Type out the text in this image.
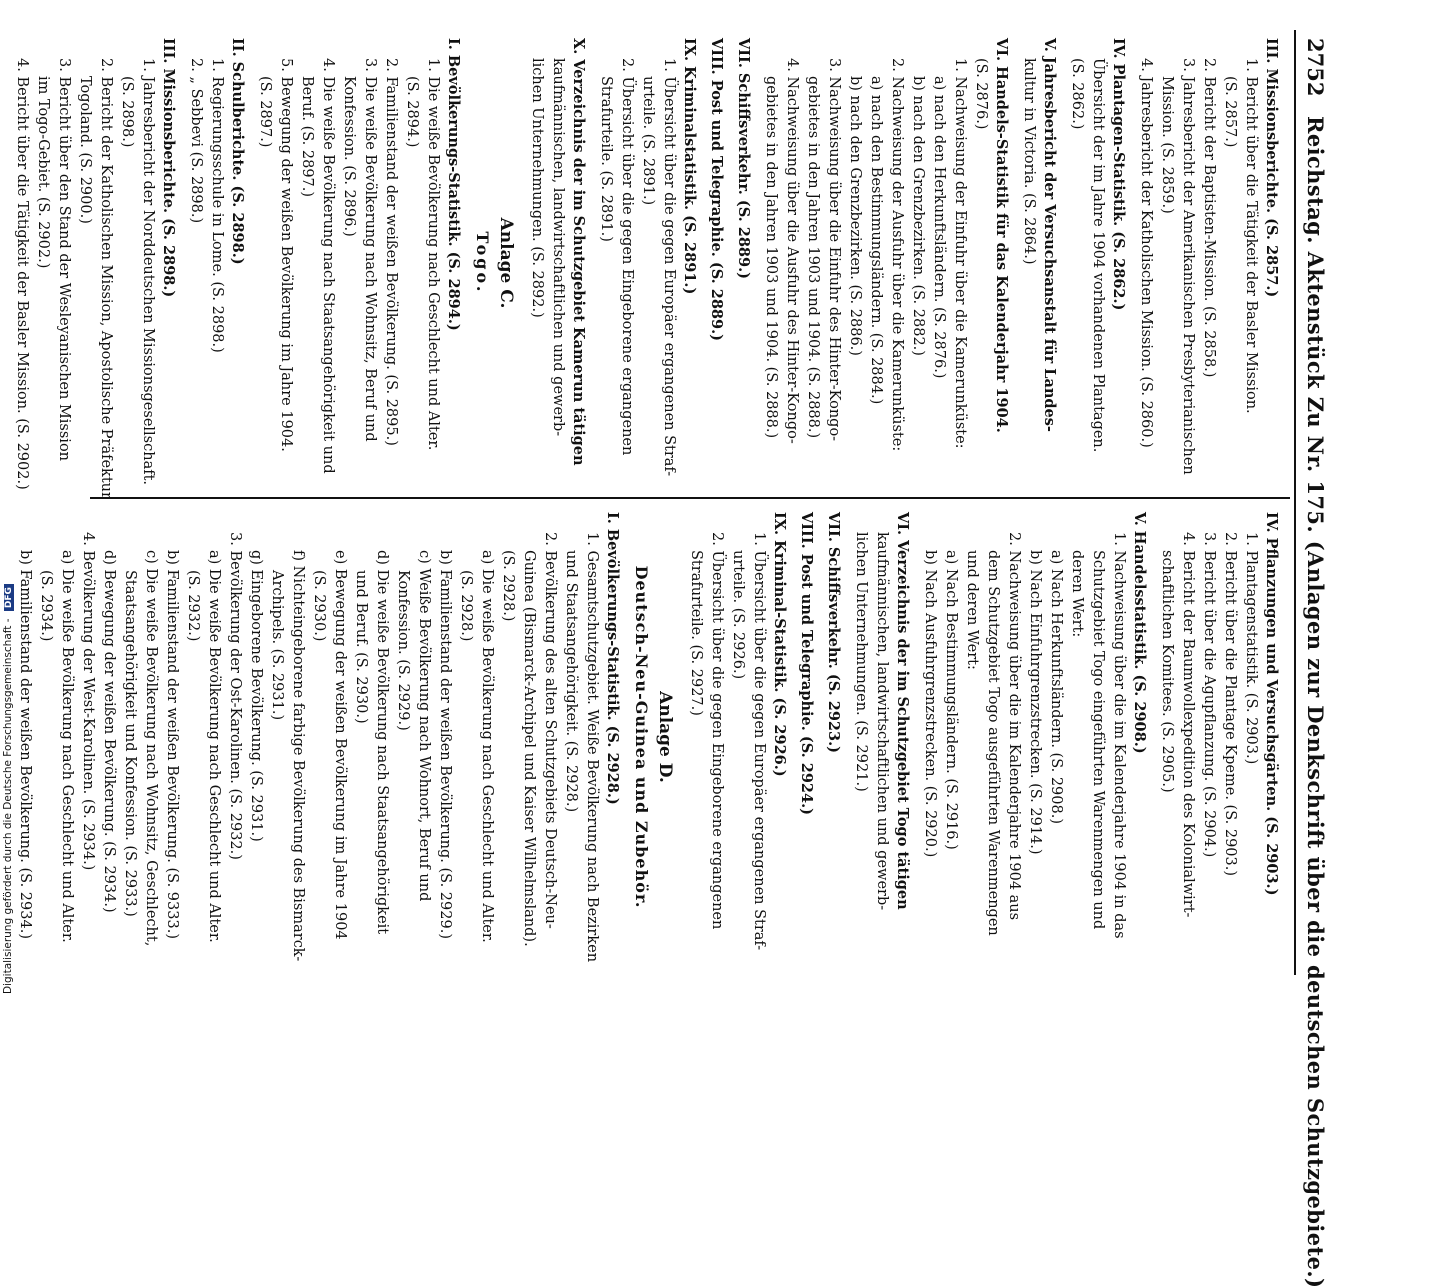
2752
Reichstag. Aktenstück Zu Nr. 175. (Anlagen zur Denkschrift über die deutschen Schutzgebiete.)
III. Missionsberichte. (S. 2857.)
1. Bericht über die Tätigkeit der Basler Mission.
(S. 2857.)
2. Bericht der Baptisten-Mission. (S. 2858.)
3. Jahresbericht der Amerikanischen Presbyterianischen
Mission. (S. 2859.)
4. Jahresbericht der Katholischen Mission. (S. 2860.)
IV. Plantagen-Statistik. (S. 2862.)
Übersicht der im Jahre 1904 vorhandenen Plantagen.
(S. 2862.)
V. Jahresbericht der Versuchsanstalt für Landes-
kultur in Victoria. (S. 2864.)
VI. Handels-Statistik für das Kalenderjahr 1904.
(S. 2876.)
1. Nachweisung der Einfuhr über die Kamerunküste:
a) nach den Herkunftsländern. (S. 2876.)
b) nach den Grenzbezirken. (S. 2882.)
2. Nachweisung der Ausfuhr über die Kamerunküste:
a) nach den Bestimmungsländern. (S. 2884.)
b) nach den Grenzbezirken. (S. 2886.)
3. Nachweisung über die Einfuhr des Hinter-Kongo-
gebietes in den Jahren 1903 und 1904. (S. 2888.)
4. Nachweisung über die Ausfuhr des Hinter-Kongo-
gebietes in den Jahren 1903 und 1904. (S. 2888.)
VII. Schiffsverkehr. (S. 2889.)
VIII. Post und Telegraphie. (S. 2889.)
IX. Kriminalstatistik. (S. 2891.)
1. Übersicht über die gegen Europäer ergangenen Straf-
urteile. (S. 2891.)
2. Übersicht über die gegen Eingeborene ergangenen
Strafurteile. (S. 2891.)
X. Verzeichnis der im Schutzgebiet Kamerun tätigen
kaufmännischen, landwirtschaftlichen und gewerb-
lichen Unternehmungen. (S. 2892.)
Anlage C.
Togo.
I. Bevölkerungs-Statistik. (S. 2894.)
1. Die weiße Bevölkerung nach Geschlecht und Alter.
(S. 2894.)
2. Familienstand der weißen Bevölkerung. (S. 2895.)
3. Die weiße Bevölkerung nach Wohnsitz, Beruf und
Konfession. (S. 2896.)
4. Die weiße Bevölkerung nach Staatsangehörigkeit und
Beruf. (S. 2897.)
5. Bewegung der weißen Bevölkerung im Jahre 1904.
(S. 2897.)
II. Schulberichte. (S. 2898.)
1. Regierungsschule in Lome. (S. 2898.)
2. „ Sebbevi (S. 2898.)
III. Missionsberichte. (S. 2898.)
1. Jahresbericht der Norddeutschen Missionsgesellschaft.
(S. 2898.)
2. Bericht der Katholischen Mission, Apostolische Präfektur
Togoland. (S. 2900.)
3. Bericht über den Stand der Wesleyanischen Mission
im Togo-Gebiet. (S. 2902.)
4. Bericht über die Tätigkeit der Basler Mission. (S. 2902.)
IV. Pflanzungen und Versuchsgärten. (S. 2903.)
1. Plantagenstatistik. (S. 2903.)
2. Bericht über die Plantage Kpeme. (S. 2903.)
3. Bericht über die Agupflanzung. (S. 2904.)
4. Bericht der Baumwollexpedition des Kolonialwirt-
schaftlichen Komitees. (S. 2905.)
V. Handelsstatistik. (S. 2908.)
1. Nachweisung über die im Kalenderjahre 1904 in das
Schutzgebiet Togo eingeführten Warenmengen und
deren Wert:
a) Nach Herkunftsländern. (S. 2908.)
b) Nach Einfuhrgrenzstrecken. (S. 2914.)
2. Nachweisung über die im Kalenderjahre 1904 aus
dem Schutzgebiet Togo ausgeführten Warenmengen
und deren Wert:
a) Nach Bestimmungsländern. (S. 2916.)
b) Nach Ausfuhrgrenzstrecken. (S. 2920.)
VI. Verzeichnis der im Schutzgebiet Togo tätigen
kaufmännischen, landwirtschaftlichen und gewerb-
lichen Unternehmungen. (S. 2921.)
VII. Schiffsverkehr. (S. 2923.)
VIII. Post und Telegraphie. (S. 2924.)
IX. Kriminal-Statistik. (S. 2926.)
1. Übersicht über die gegen Europäer ergangenen Straf-
urteile. (S. 2926.)
2. Übersicht über die gegen Eingeborene ergangenen
Strafurteile. (S. 2927.)
Anlage D.
Deutsch-Neu-Guinea und Zubehör.
I. Bevölkerungs-Statistik. (S. 2928.)
1. Gesamtschutzgebiet. Weiße Bevölkerung nach Bezirken
und Staatsangehörigkeit. (S. 2928.)
2. Bevölkerung des alten Schutzgebiets Deutsch-Neu-
Guinea (Bismarck-Archipel und Kaiser Wilhelmsland).
(S. 2928.)
a) Die weiße Bevölkerung nach Geschlecht und Alter.
(S. 2928.)
b) Familienstand der weißen Bevölkerung. (S. 2929.)
c) Weiße Bevölkerung nach Wohnort, Beruf und
Konfession. (S. 2929.)
d) Die weiße Bevölkerung nach Staatsangehörigkeit
und Beruf. (S. 2930.)
e) Bewegung der weißen Bevölkerung im Jahre 1904
(S. 2930.)
f) Nichteingeborene farbige Bevölkerung des Bismarck-
Archipels. (S. 2931.)
g) Eingeborene Bevölkerung. (S. 2931.)
3. Bevölkerung der Ost-Karolinen. (S. 2932.)
a) Die weiße Bevölkerung nach Geschlecht und Alter.
(S. 2932.)
b) Familienstand der weißen Bevölkerung. (S. 9333.)
c) Die weiße Bevölkerung nach Wohnsitz, Geschlecht,
Staatsangehörigkeit und Konfession. (S. 2933.)
d) Bewegung der weißen Bevölkerung. (S. 2934.)
4. Bevölkerung der West-Karolinen. (S. 2934.)
a) Die weiße Bevölkerung nach Geschlecht und Alter.
(S. 2934.)
b) Familienstand der weißen Bevölkerung. (S. 2934.)
Digitalisierung gefördert durch die Deutsche Forschungsgemeinschaft - DFG
